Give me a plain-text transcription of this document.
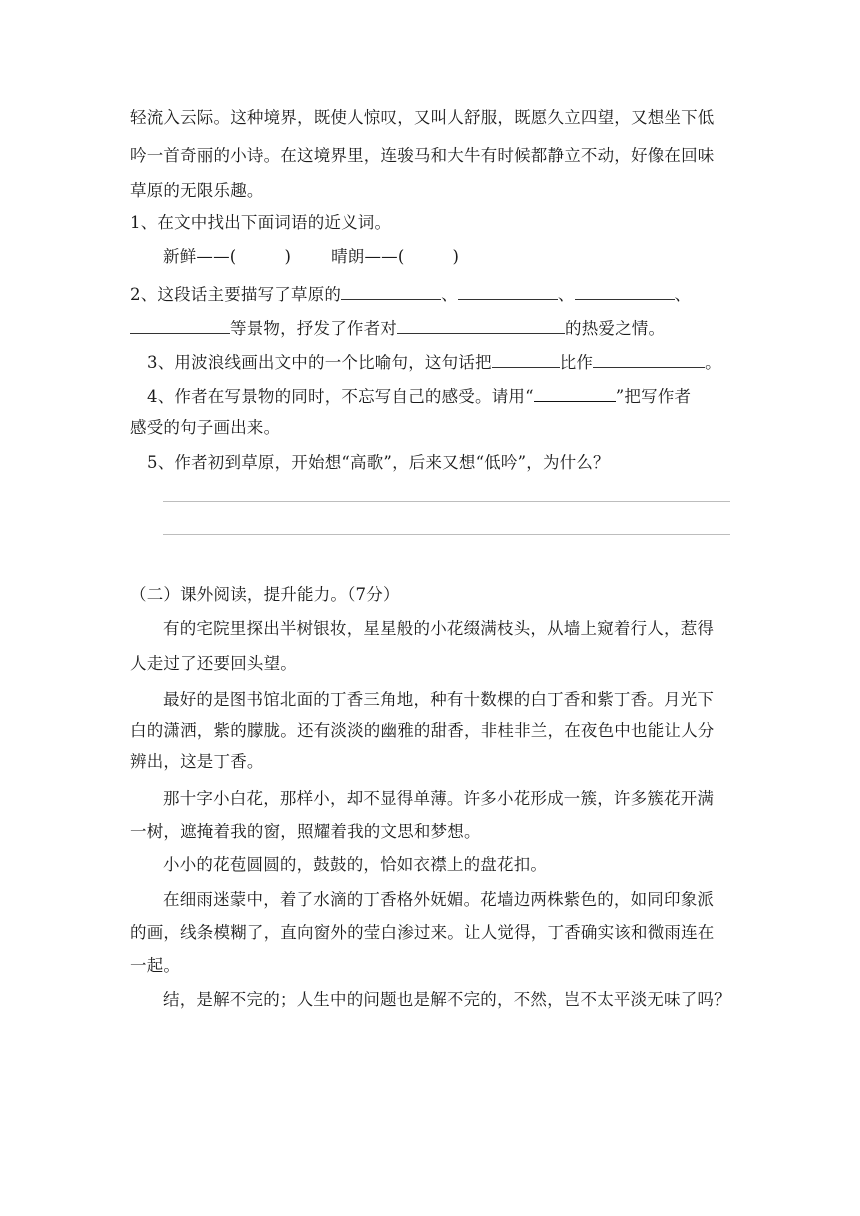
轻流入云际。这种境界，既使人惊叹，又叫人舒服，既愿久立四望，又想坐下低
吟一首奇丽的小诗。在这境界里，连骏马和大牛有时候都静立不动，好像在回味
草原的无限乐趣。
1、在文中找出下面词语的近义词。
新鲜——(	) 晴朗——(	)
2、这段话主要描写了草原的	、	、	、
等景物，抒发了作者对	的热爱之情。
3、用波浪线画出文中的一个比喻句，这句话把	比作	。
4、作者在写景物的同时，不忘写自己的感受。请用“	”把写作者
感受的句子画出来。
5、作者初到草原，开始想“高歌”，后来又想“低吟”，为什么？
（二）课外阅读，提升能力。（7分）
有的宅院里探出半树银妆，星星般的小花缀满枝头，从墙上窥着行人，惹得
人走过了还要回头望。
最好的是图书馆北面的丁香三角地，种有十数棵的白丁香和紫丁香。月光下
白的潇洒，紫的朦胧。还有淡淡的幽雅的甜香，非桂非兰，在夜色中也能让人分
辨出，这是丁香。
那十字小白花，那样小，却不显得单薄。许多小花形成一簇，许多簇花开满
一树，遮掩着我的窗，照耀着我的文思和梦想。
小小的花苞圆圆的，鼓鼓的，恰如衣襟上的盘花扣。
在细雨迷蒙中，着了水滴的丁香格外妩媚。花墙边两株紫色的，如同印象派
的画，线条模糊了，直向窗外的莹白渗过来。让人觉得，丁香确实该和微雨连在
一起。
结，是解不完的；人生中的问题也是解不完的，不然，岂不太平淡无味了吗？
